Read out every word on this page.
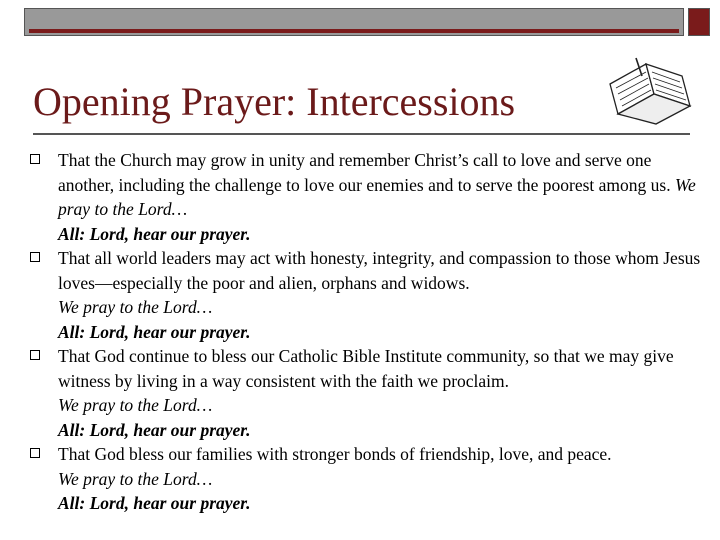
Opening Prayer: Intercessions
That the Church may grow in unity and remember Christ’s call to love and serve one another, including the challenge to love our enemies and to serve the poorest among us. We pray to the Lord…
All: Lord, hear our prayer.
That all world leaders may act with honesty, integrity, and compassion to those whom Jesus loves—especially the poor and alien, orphans and widows.
We pray to the Lord…
All: Lord, hear our prayer.
That God continue to bless our Catholic Bible Institute community, so that we may give witness by living in a way consistent with the faith we proclaim.
We pray to the Lord…
All: Lord, hear our prayer.
That God bless our families with stronger bonds of friendship, love, and peace.
We pray to the Lord…
All: Lord, hear our prayer.
